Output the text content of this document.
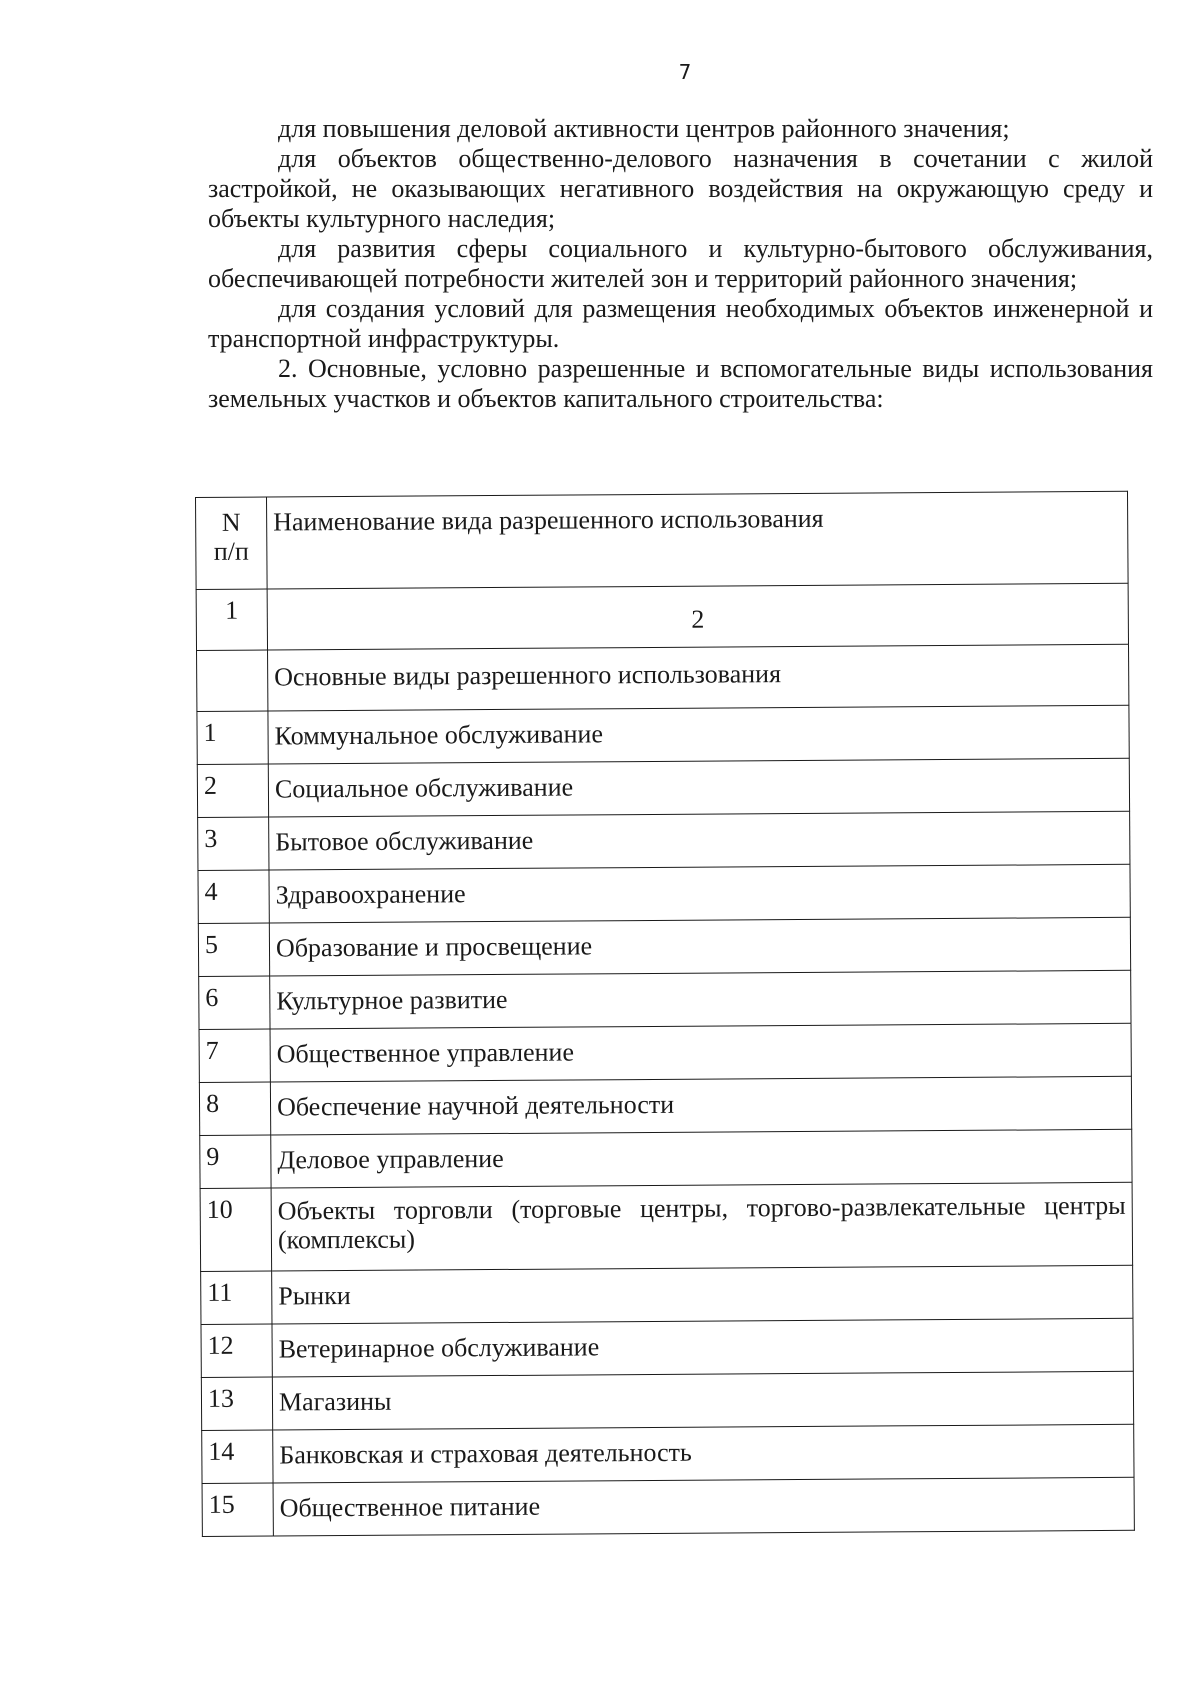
7

для повышения деловой активности центров районного значения;

для объектов общественно-делового назначения в сочетании с жилой застройкой, не оказывающих негативного воздействия на окружающую среду и объекты культурного наследия;

для развития сферы социального и культурно-бытового обслуживания, обеспечивающей потребности жителей зон и территорий районного значения;

для создания условий для размещения необходимых объектов инженерной и транспортной инфраструктуры.

2. Основные, условно разрешенные и вспомогательные виды использования земельных участков и объектов капитального строительства:

N
п/п	Наименование вида разрешенного использования
1	2
	Основные виды разрешенного использования
1	Коммунальное обслуживание
2	Социальное обслуживание
3	Бытовое обслуживание
4	Здравоохранение
5	Образование и просвещение
6	Культурное развитие
7	Общественное управление
8	Обеспечение научной деятельности
9	Деловое управление
10	Объекты торговли (торговые центры, торгово-развлекательные центры (комплексы)
11	Рынки
12	Ветеринарное обслуживание
13	Магазины
14	Банковская и страховая деятельность
15	Общественное питание
